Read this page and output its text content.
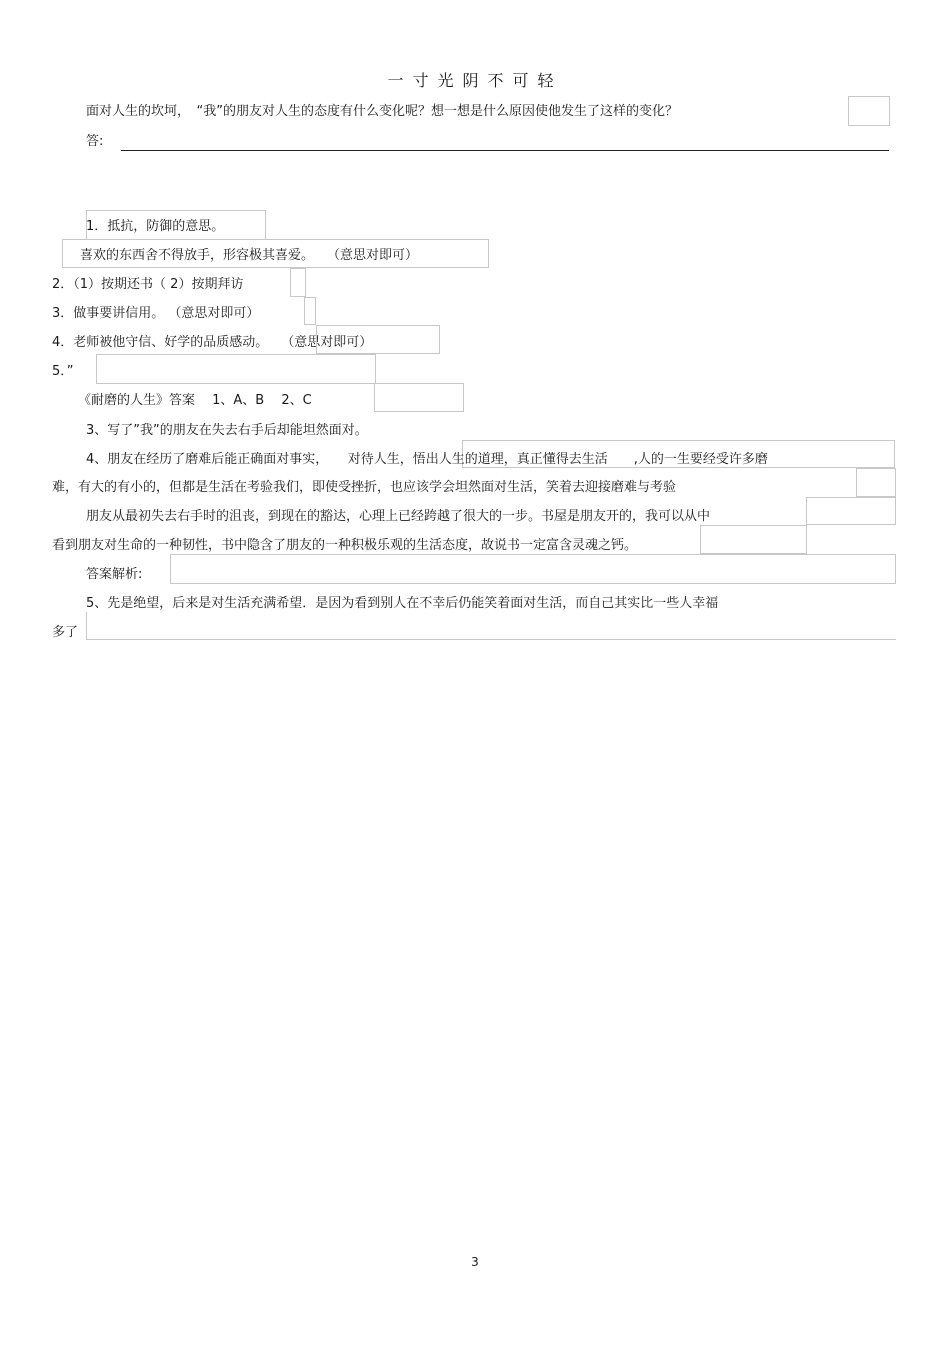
一寸光阴不可轻
面对人生的坎坷，　“我”的朋友对人生的态度有什么变化呢？想一想是什么原因使他发生了这样的变化？
答:
1．抵抗，防御的意思。
喜欢的东西舍不得放手，形容极其喜爱。　　（意思对即可）
2．（1）按期还书（ 2）按期拜访
3．做事要讲信用。 （意思对即可）
4．老师被他守信、好学的品质感动。　　（意思对即可）
5．”
《耐磨的人生》答案　 1、A、B　 2、C
3、写了”我”的朋友在失去右手后却能坦然面对。
4、朋友在经历了磨难后能正确面对事实，　　对待人生，悟出人生的道理，真正懂得去生活　　,人的一生要经受许多磨
难，有大的有小的，但都是生活在考验我们，即使受挫折，也应该学会坦然面对生活，笑着去迎接磨难与考验
朋友从最初失去右手时的沮丧，到现在的豁达，心理上已经跨越了很大的一步。书屋是朋友开的，我可以从中
看到朋友对生命的一种韧性，书中隐含了朋友的一种积极乐观的生活态度，故说书一定富含灵魂之钙。
答案解析:
5、先是绝望，后来是对生活充满希望．是因为看到别人在不幸后仍能笑着面对生活，而自己其实比一些人幸福
多了
3
